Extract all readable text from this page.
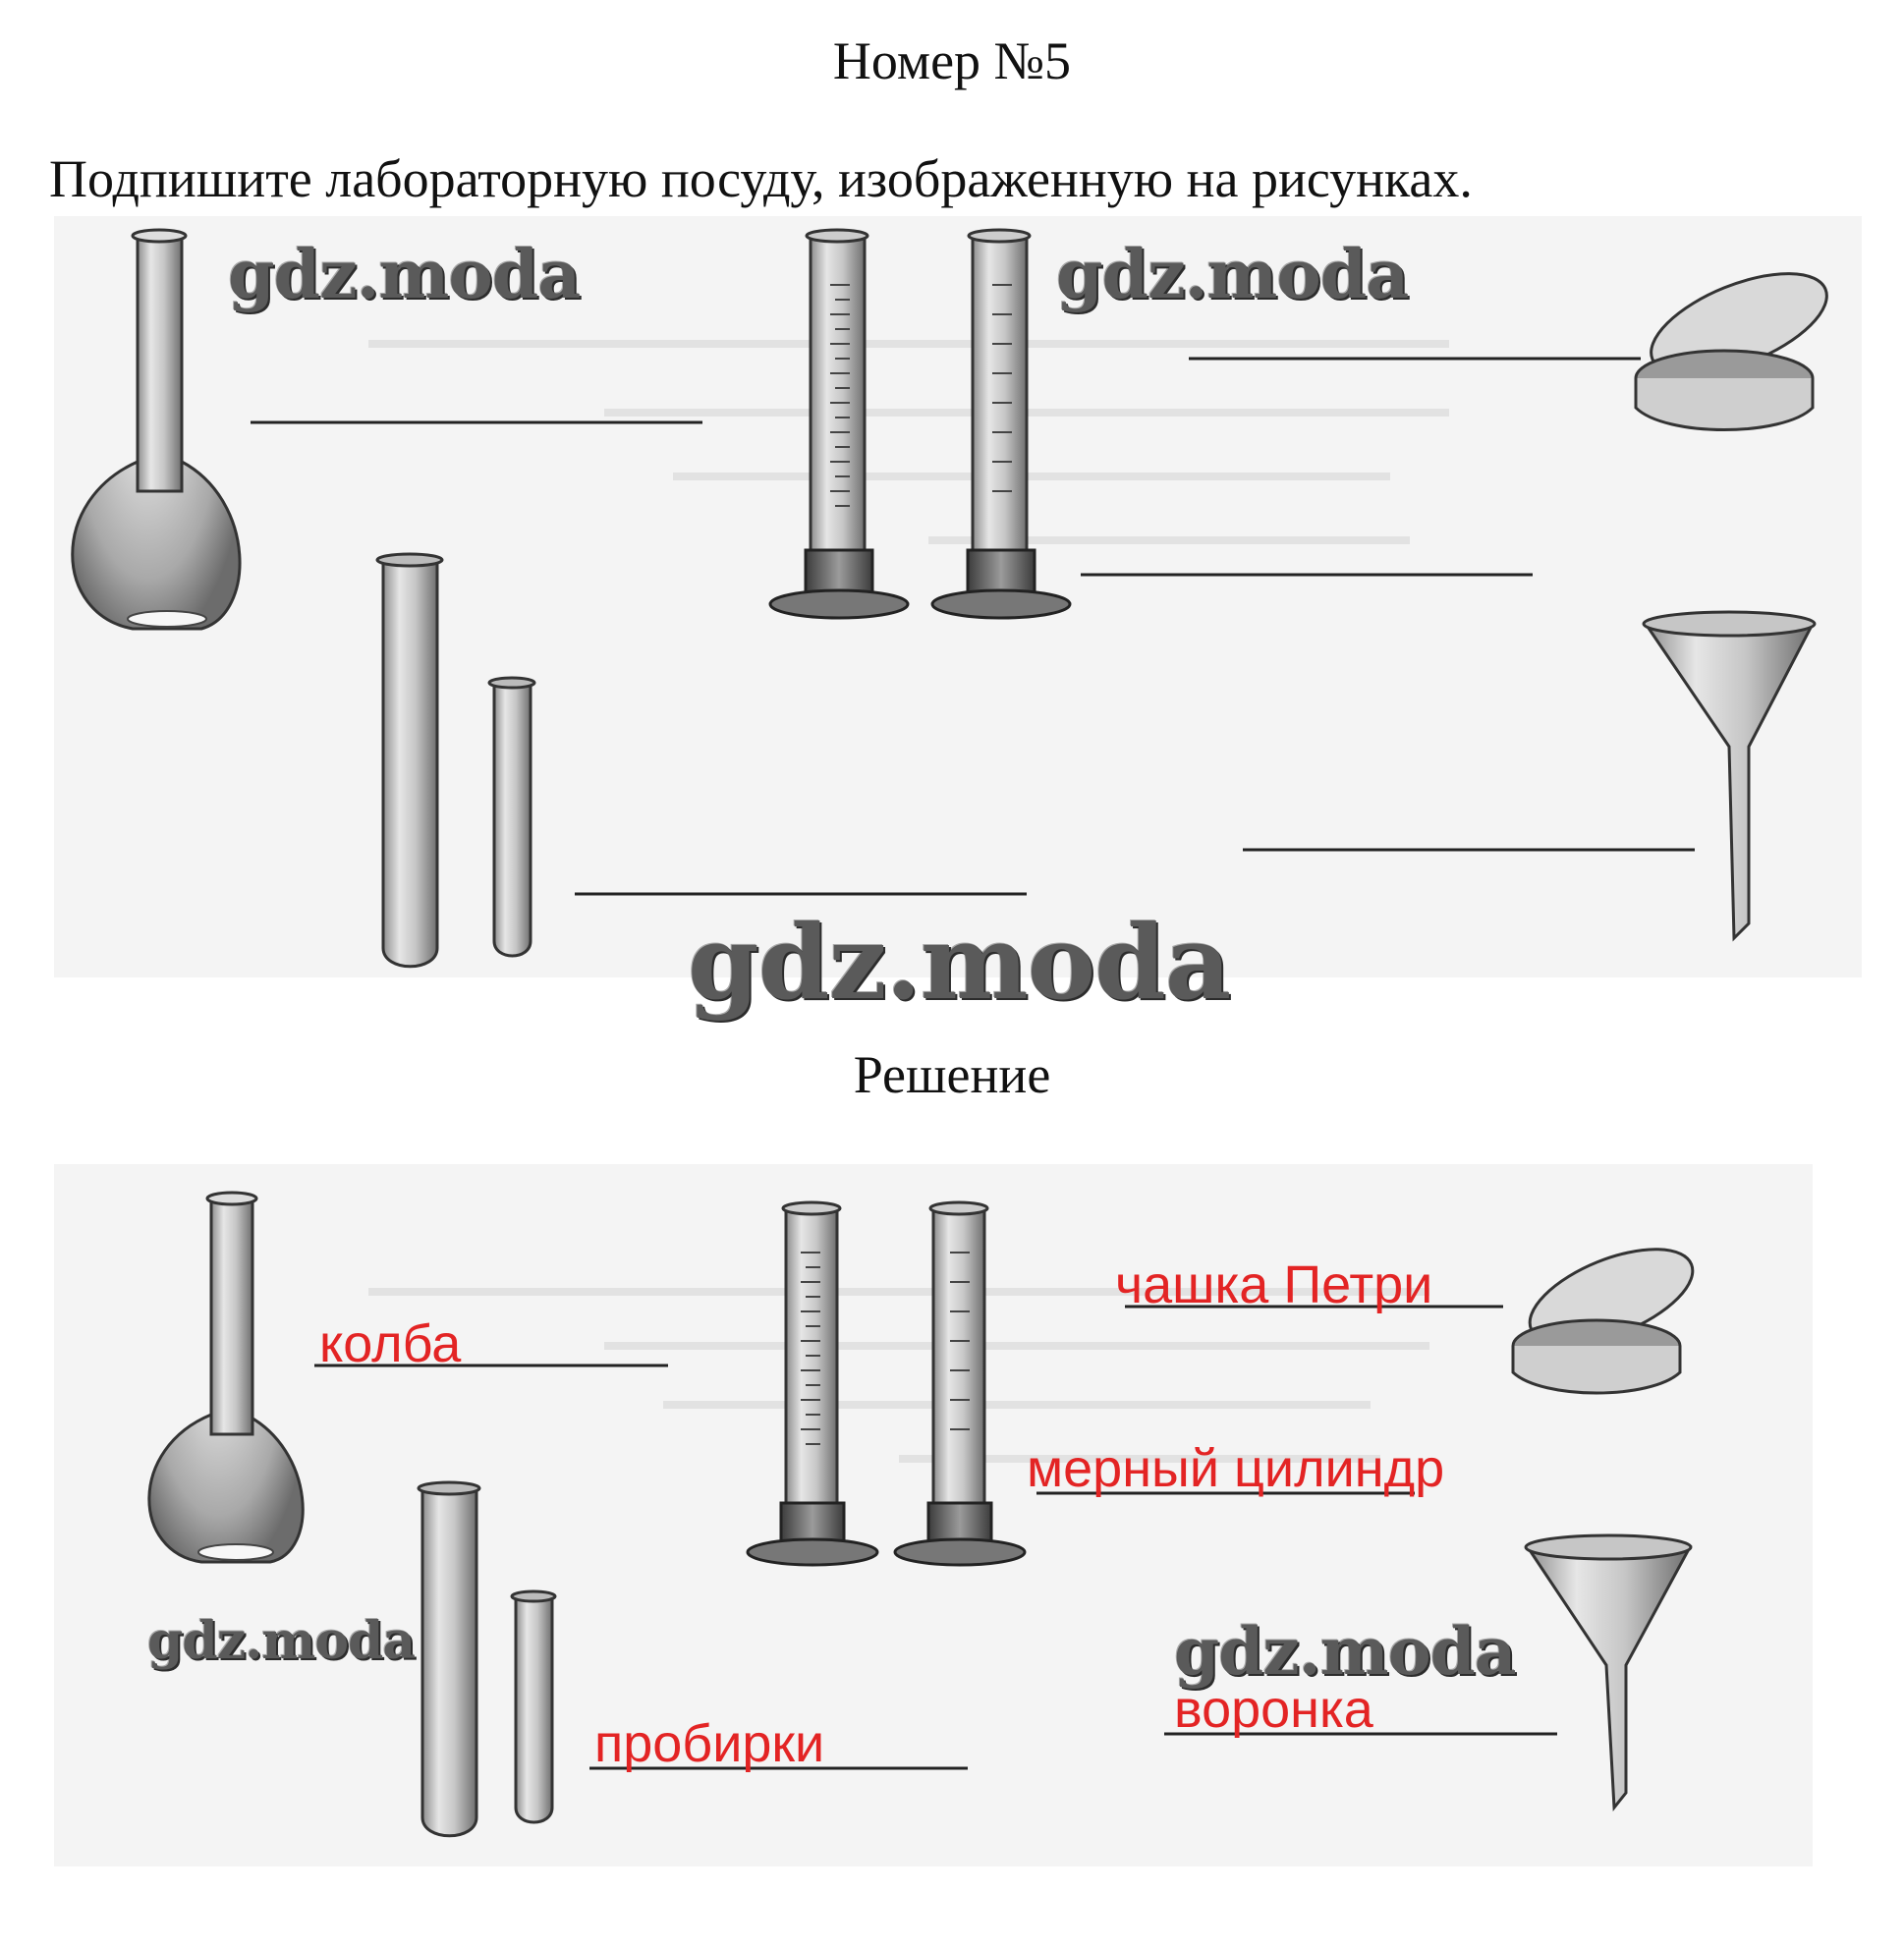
Номер №5
Подпишите лабораторную посуду, изображенную на рисунках.
gdz.moda	gdz.moda
gdz.moda
Решение
колба
чашка Петри
мерный цилиндр
пробирки
воронка
gdz.moda	gdz.moda
